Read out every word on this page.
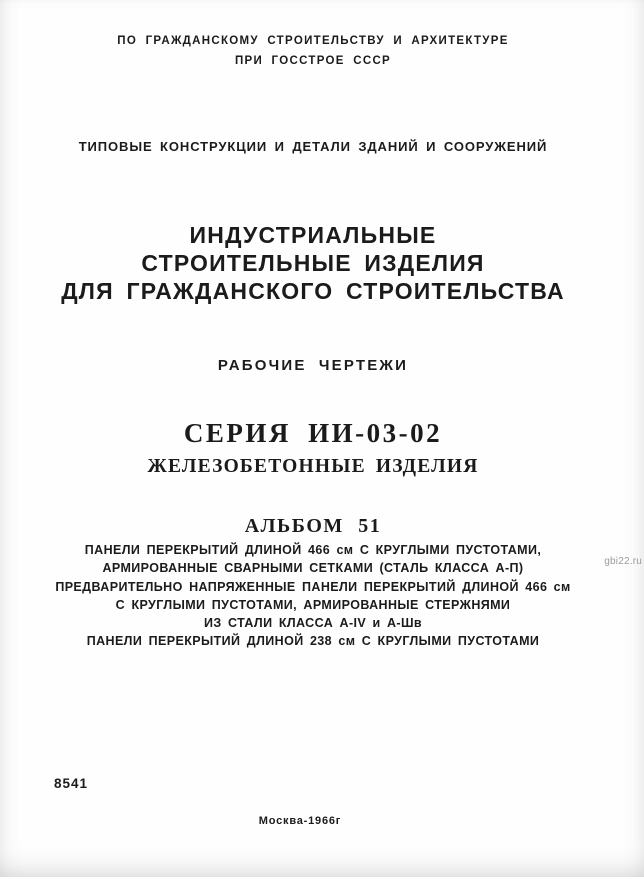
ПО ГРАЖДАНСКОМУ СТРОИТЕЛЬСТВУ И АРХИТЕКТУРЕ
ПРИ ГОССТРОЕ СССР
ТИПОВЫЕ КОНСТРУКЦИИ И ДЕТАЛИ ЗДАНИЙ И СООРУЖЕНИЙ
ИНДУСТРИАЛЬНЫЕ
СТРОИТЕЛЬНЫЕ ИЗДЕЛИЯ
ДЛЯ ГРАЖДАНСКОГО СТРОИТЕЛЬСТВА
РАБОЧИЕ ЧЕРТЕЖИ
СЕРИЯ ИИ-03-02
ЖЕЛЕЗОБЕТОННЫЕ ИЗДЕЛИЯ
АЛЬБОМ 51
ПАНЕЛИ ПЕРЕКРЫТИЙ ДЛИНОЙ 466 см С КРУГЛЫМИ ПУСТОТАМИ,
АРМИРОВАННЫЕ СВАРНЫМИ СЕТКАМИ (СТАЛЬ КЛАССА А-П)
ПРЕДВАРИТЕЛЬНО НАПРЯЖЕННЫЕ ПАНЕЛИ ПЕРЕКРЫТИЙ ДЛИНОЙ 466 см
С КРУГЛЫМИ ПУСТОТАМИ, АРМИРОВАННЫЕ СТЕРЖНЯМИ
ИЗ СТАЛИ КЛАССА А-IV и А-Шв
ПАНЕЛИ ПЕРЕКРЫТИЙ ДЛИНОЙ 238 см С КРУГЛЫМИ ПУСТОТАМИ
8541
Москва-1966г
gbi22.ru
